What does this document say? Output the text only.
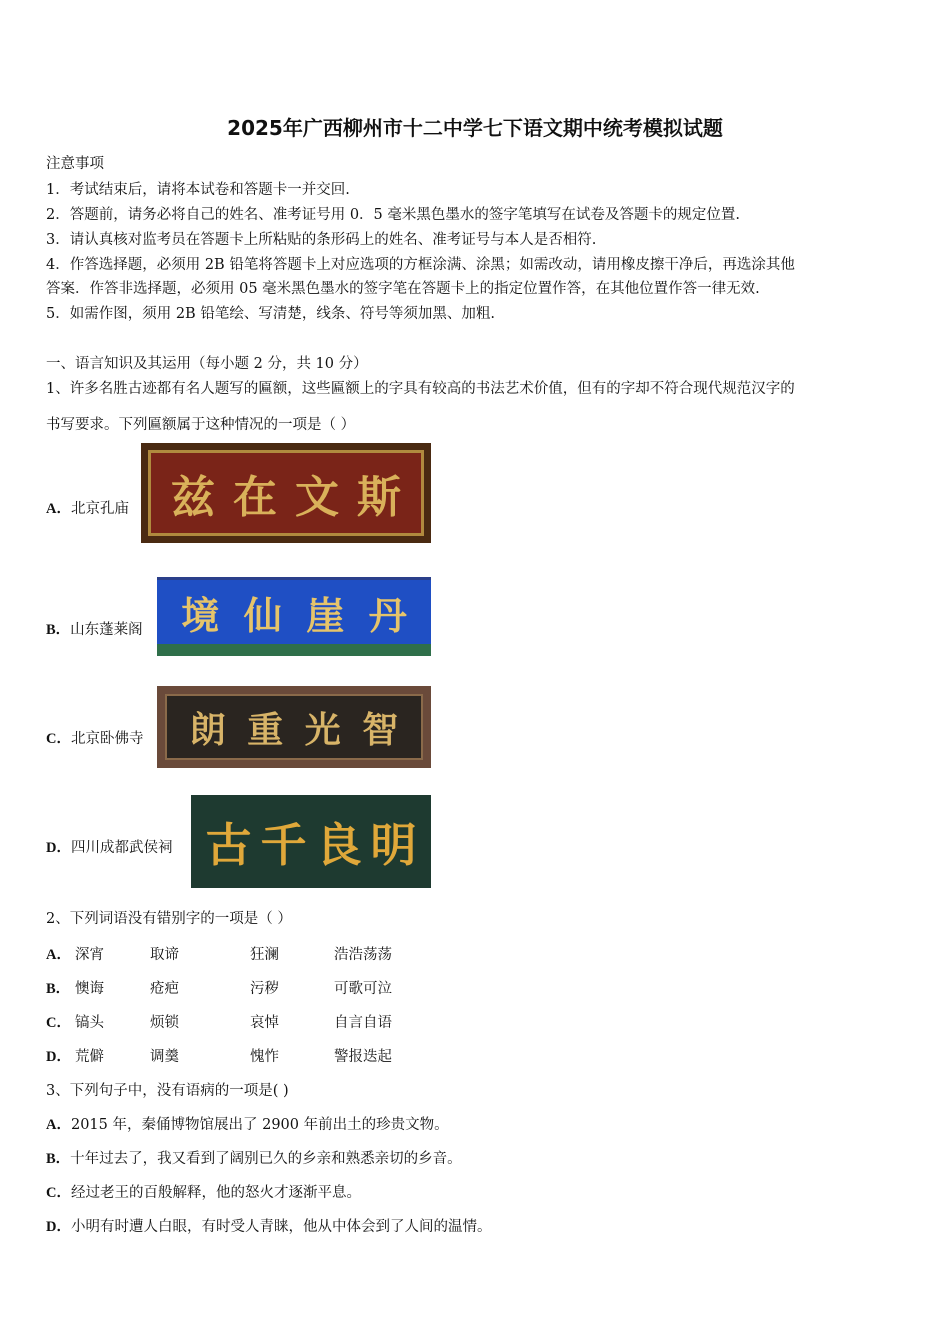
2025年广西柳州市十二中学七下语文期中统考模拟试题
注意事项
1．考试结束后，请将本试卷和答题卡一并交回.
2．答题前，请务必将自己的姓名、准考证号用 0．5 毫米黑色墨水的签字笔填写在试卷及答题卡的规定位置.
3．请认真核对监考员在答题卡上所粘贴的条形码上的姓名、准考证号与本人是否相符.
4．作答选择题，必须用 2B 铅笔将答题卡上对应选项的方框涂满、涂黑；如需改动，请用橡皮擦干净后，再选涂其他
答案．作答非选择题，必须用 05 毫米黑色墨水的签字笔在答题卡上的指定位置作答，在其他位置作答一律无效.
5．如需作图，须用 2B 铅笔绘、写清楚，线条、符号等须加黑、加粗.
一、语言知识及其运用（每小题 2 分，共 10 分）
1、许多名胜古迹都有名人题写的匾额，这些匾额上的字具有较高的书法艺术价值，但有的字却不符合现代规范汉字的
书写要求。下列匾额属于这种情况的一项是（ ）
A．北京孔庙 兹 在 文 斯
B．山东蓬莱阁 境 仙 崖 丹
C．北京卧佛寺 朗 重 光 智
D．四川成都武侯祠 古 千 良 明
2、下列词语没有错别字的一项是（ ）
A． 深宵	取谛	狂澜	浩浩荡荡
B． 懊诲	疮疤	污秽	可歌可泣
C． 镐头	烦锁	哀悼	自言自语
D． 荒僻	调羹	愧怍	警报迭起
3、下列句子中，没有语病的一项是( )
A．2015 年，秦俑博物馆展出了 2900 年前出土的珍贵文物。
B．十年过去了，我又看到了阔别已久的乡亲和熟悉亲切的乡音。
C．经过老王的百般解释，他的怒火才逐渐平息。
D．小明有时遭人白眼，有时受人青睐，他从中体会到了人间的温情。
